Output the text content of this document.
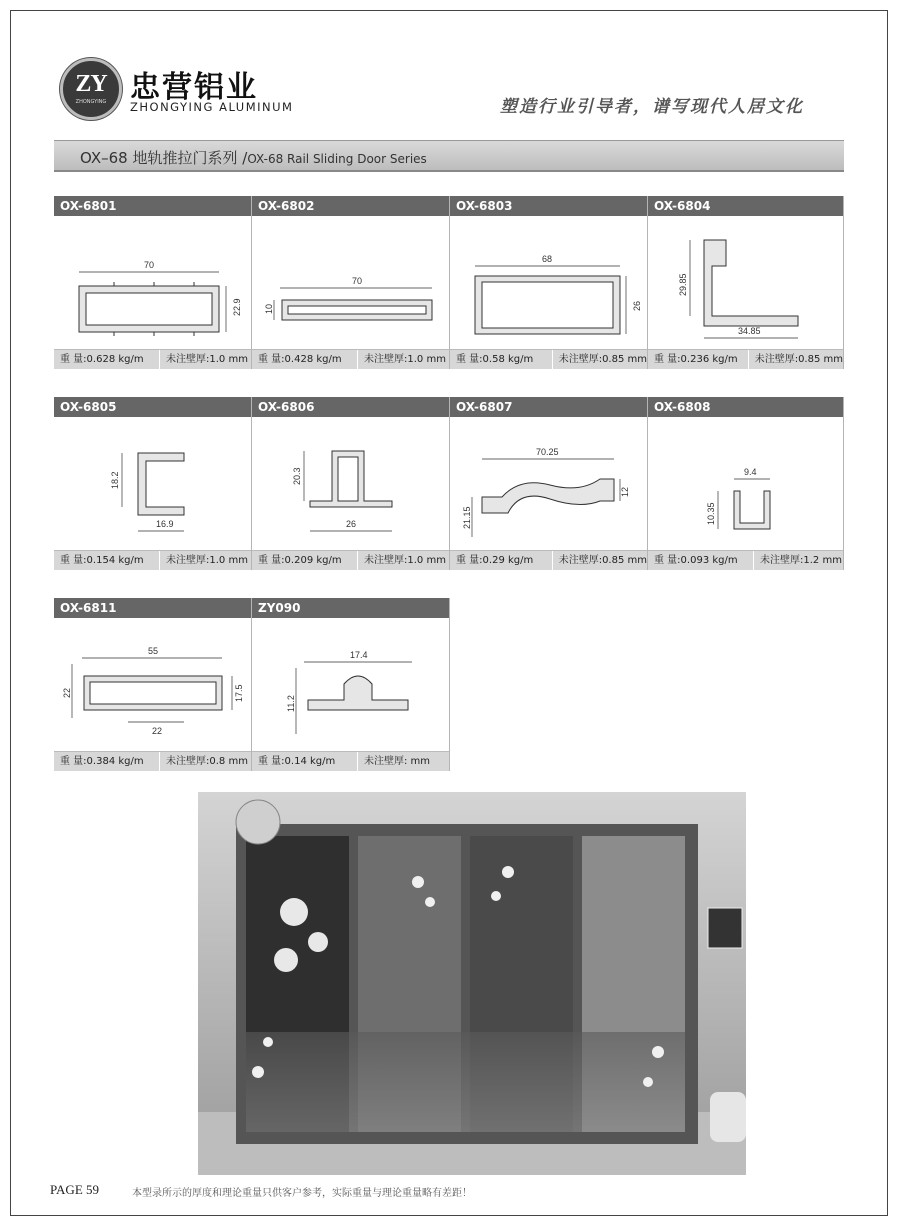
ZY
ZHONGYING 忠营铝业
ZHONGYING ALUMINUM	塑造行业引导者，谱写现代人居文化
OX–68 地轨推拉门系列 /OX-68 Rail Sliding Door Series
OX-6801
70
22.9
重 量:0.628 kg/m	未注壁厚:1.0 mm
OX-6802
70
10
重 量:0.428 kg/m	未注壁厚:1.0 mm
OX-6803
68
26
重 量:0.58 kg/m	未注壁厚:0.85 mm
OX-6804
29.85
34.85
重 量:0.236 kg/m	未注壁厚:0.85 mm
OX-6805
18.2
16.9
重 量:0.154 kg/m	未注壁厚:1.0 mm
OX-6806
20.3
26
重 量:0.209 kg/m	未注壁厚:1.0 mm
OX-6807
70.25
21.15
12
重 量:0.29 kg/m	未注壁厚:0.85 mm
OX-6808
9.4
10.35
重 量:0.093 kg/m	未注壁厚:1.2 mm
OX-6811
55
22	17.5
22
重 量:0.384 kg/m	未注壁厚:0.8 mm
ZY090
17.4
11.2
重 量:0.14 kg/m	未注壁厚: mm
PAGE 59	本型录所示的厚度和理论重量只供客户参考，实际重量与理论重量略有差距！
